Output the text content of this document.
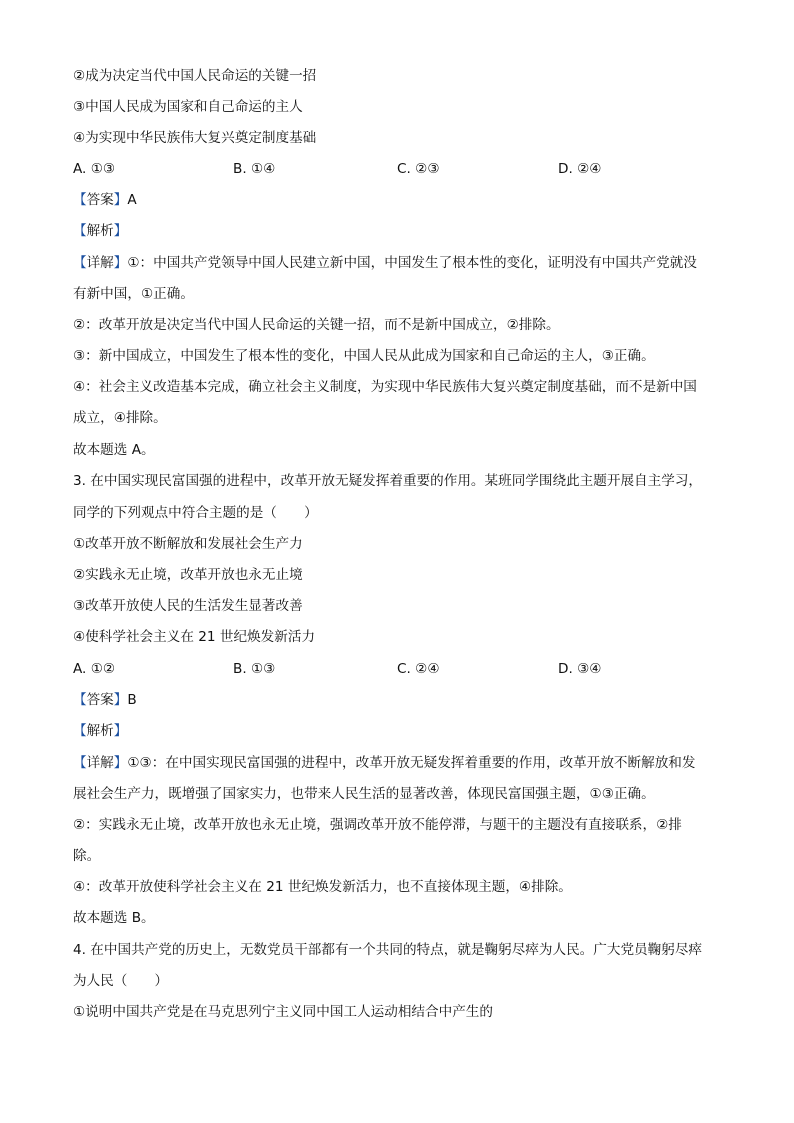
②成为决定当代中国人民命运的关键一招
③中国人民成为国家和自己命运的主人
④为实现中华民族伟大复兴奠定制度基础
A. ①③	B. ①④	C. ②③	D. ②④
【答案】A
【解析】
【详解】①：中国共产党领导中国人民建立新中国，中国发生了根本性的变化，证明没有中国共产党就没
有新中国，①正确。
②：改革开放是决定当代中国人民命运的关键一招，而不是新中国成立，②排除。
③：新中国成立，中国发生了根本性的变化，中国人民从此成为国家和自己命运的主人，③正确。
④：社会主义改造基本完成，确立社会主义制度，为实现中华民族伟大复兴奠定制度基础，而不是新中国
成立，④排除。
故本题选 A。
3. 在中国实现民富国强的进程中，改革开放无疑发挥着重要的作用。某班同学围绕此主题开展自主学习，
同学的下列观点中符合主题的是（　　）
①改革开放不断解放和发展社会生产力
②实践永无止境，改革开放也永无止境
③改革开放使人民的生活发生显著改善
④使科学社会主义在 21 世纪焕发新活力
A. ①②	B. ①③	C. ②④	D. ③④
【答案】B
【解析】
【详解】①③：在中国实现民富国强的进程中，改革开放无疑发挥着重要的作用，改革开放不断解放和发
展社会生产力，既增强了国家实力，也带来人民生活的显著改善，体现民富国强主题，①③正确。
②：实践永无止境，改革开放也永无止境，强调改革开放不能停滞，与题干的主题没有直接联系，②排
除。
④：改革开放使科学社会主义在 21 世纪焕发新活力，也不直接体现主题，④排除。
故本题选 B。
4. 在中国共产党的历史上，无数党员干部都有一个共同的特点，就是鞠躬尽瘁为人民。广大党员鞠躬尽瘁
为人民（　　）
①说明中国共产党是在马克思列宁主义同中国工人运动相结合中产生的
